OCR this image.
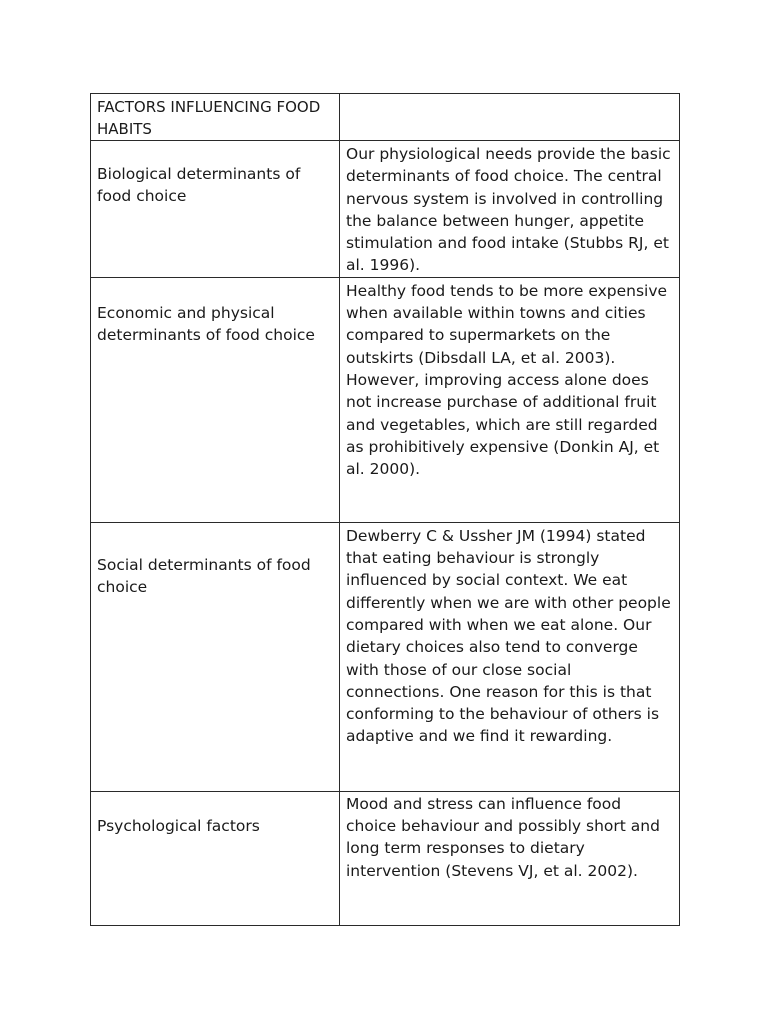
FACTORS INFLUENCING FOOD HABITS	

Biological determinants of food choice	Our physiological needs provide the basic determinants of food choice. The central nervous system is involved in controlling the balance between hunger, appetite stimulation and food intake (Stubbs RJ, et al. 1996).

Economic and physical determinants of food choice	Healthy food tends to be more expensive when available within towns and cities compared to supermarkets on the outskirts (Dibsdall LA, et al. 2003). However, improving access alone does not increase purchase of additional fruit and vegetables, which are still regarded as prohibitively expensive (Donkin AJ, et al. 2000).

Social determinants of food choice	Dewberry C & Ussher JM (1994) stated that eating behaviour is strongly influenced by social context. We eat differently when we are with other people compared with when we eat alone. Our dietary choices also tend to converge with those of our close social connections. One reason for this is that conforming to the behaviour of others is adaptive and we find it rewarding.

Psychological factors	Mood and stress can influence food choice behaviour and possibly short and long term responses to dietary intervention (Stevens VJ, et al. 2002).
